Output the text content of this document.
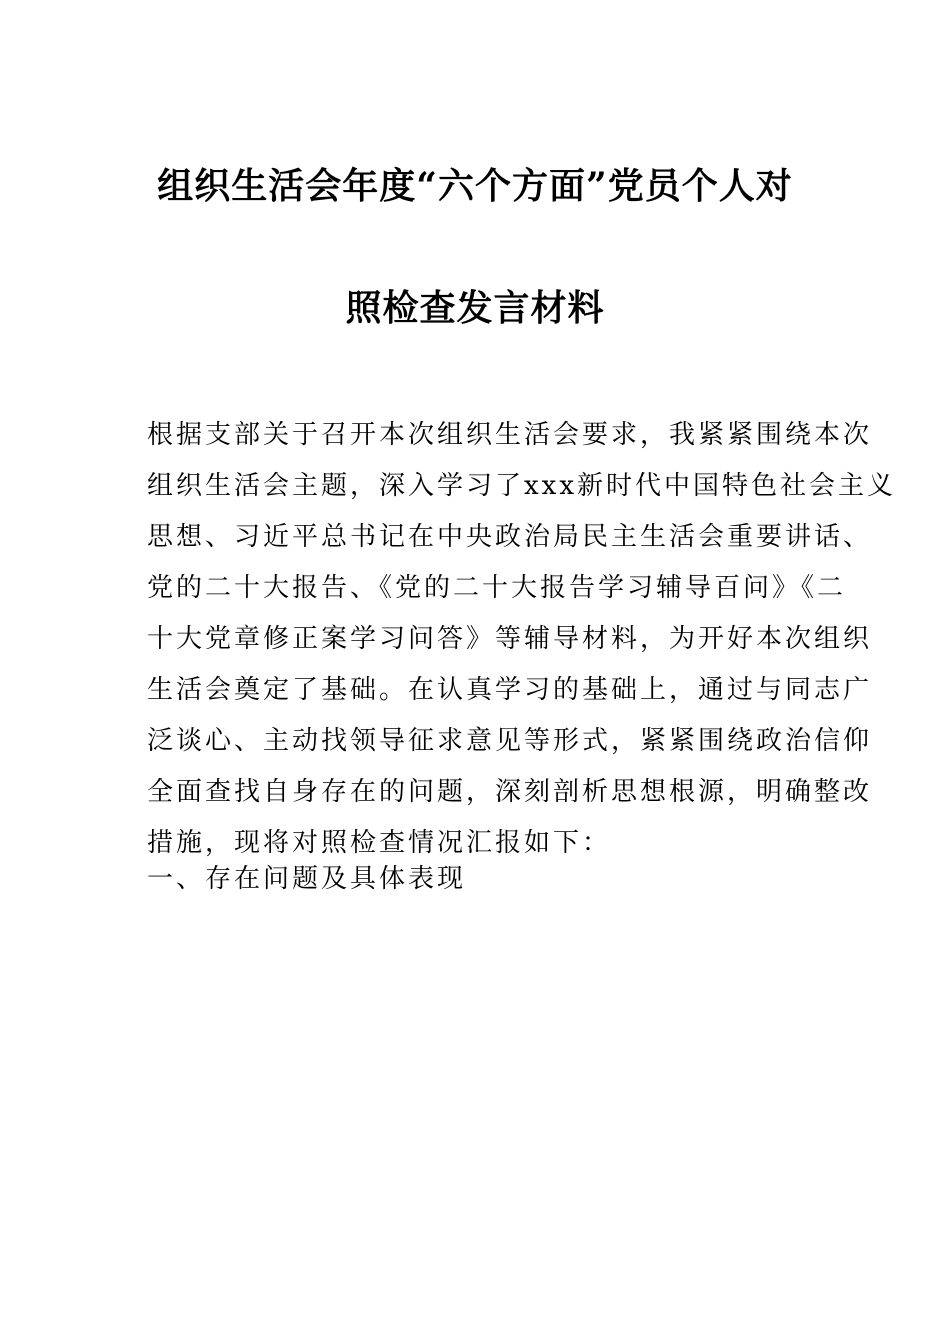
组织生活会年度“六个方面”党员个人对
照检查发言材料
根据支部关于召开本次组织生活会要求，我紧紧围绕本次
组织生活会主题，深入学习了xxx新时代中国特色社会主义
思想、习近平总书记在中央政治局民主生活会重要讲话、
党的二十大报告、《党的二十大报告学习辅导百问》《二
十大党章修正案学习问答》等辅导材料，为开好本次组织
生活会奠定了基础。在认真学习的基础上，通过与同志广
泛谈心、主动找领导征求意见等形式，紧紧围绕政治信仰
全面查找自身存在的问题，深刻剖析思想根源，明确整改
措施，现将对照检查情况汇报如下：
一、存在问题及具体表现
